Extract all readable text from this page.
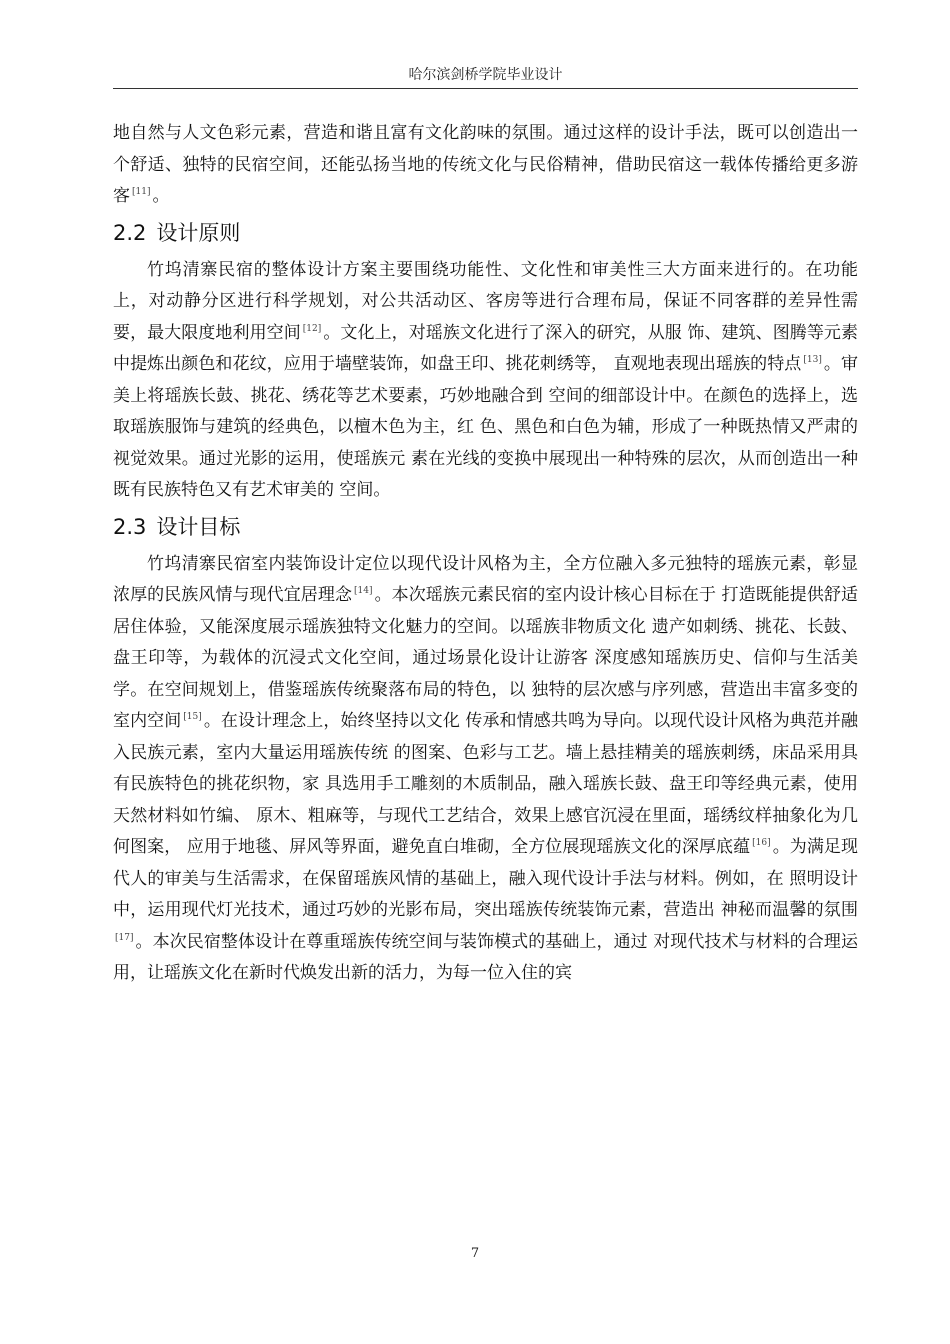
哈尔滨剑桥学院毕业设计

地自然与人文色彩元素，营造和谐且富有文化韵味的氛围。通过这样的设计手法，既可以创造出一个舒适、独特的民宿空间，还能弘扬当地的传统文化与民俗精神，借助民宿这一载体传播给更多游客 [11] 。

2.2 设计原则

竹坞清寨民宿的整体设计方案主要围绕功能性、文化性和审美性三大方面来进行的。在功能上，对动静分区进行科学规划，对公共活动区、客房等进行合理布局，保证不同客群的差异性需要，最大限度地利用空间 [12] 。文化上，对瑶族文化进行了深入的研究，从服 饰、建筑、图腾等元素中提炼出颜色和花纹，应用于墙壁装饰，如盘王印、挑花刺绣等， 直观地表现出瑶族的特点 [13] 。审美上将瑶族长鼓、挑花、绣花等艺术要素，巧妙地融合到 空间的细部设计中。在颜色的选择上，选取瑶族服饰与建筑的经典色，以檀木色为主，红 色、黑色和白色为辅，形成了一种既热情又严肃的视觉效果。通过光影的运用，使瑶族元 素在光线的变换中展现出一种特殊的层次，从而创造出一种既有民族特色又有艺术审美的 空间。

2.3 设计目标

竹坞清寨民宿室内装饰设计定位以现代设计风格为主，全方位融入多元独特的瑶族元素，彰显浓厚的民族风情与现代宜居理念 [14] 。本次瑶族元素民宿的室内设计核心目标在于 打造既能提供舒适居住体验，又能深度展示瑶族独特文化魅力的空间。以瑶族非物质文化 遗产如刺绣、挑花、长鼓、盘王印等，为载体的沉浸式文化空间，通过场景化设计让游客 深度感知瑶族历史、信仰与生活美学。在空间规划上，借鉴瑶族传统聚落布局的特色，以 独特的层次感与序列感，营造出丰富多变的室内空间 [15] 。在设计理念上，始终坚持以文化 传承和情感共鸣为导向。以现代设计风格为典范并融入民族元素，室内大量运用瑶族传统 的图案、色彩与工艺。墙上悬挂精美的瑶族刺绣，床品采用具有民族特色的挑花织物，家 具选用手工雕刻的木质制品，融入瑶族长鼓、盘王印等经典元素，使用天然材料如竹编、 原木、粗麻等，与现代工艺结合，效果上感官沉浸在里面，瑶绣纹样抽象化为几何图案， 应用于地毯、屏风等界面，避免直白堆砌，全方位展现瑶族文化的深厚底蕴 [16] 。为满足现 代人的审美与生活需求，在保留瑶族风情的基础上，融入现代设计手法与材料。例如，在 照明设计中，运用现代灯光技术，通过巧妙的光影布局，突出瑶族传统装饰元素，营造出 神秘而温馨的氛围[17] 。本次民宿整体设计在尊重瑶族传统空间与装饰模式的基础上，通过 对现代技术与材料的合理运用，让瑶族文化在新时代焕发出新的活力，为每一位入住的宾

7
